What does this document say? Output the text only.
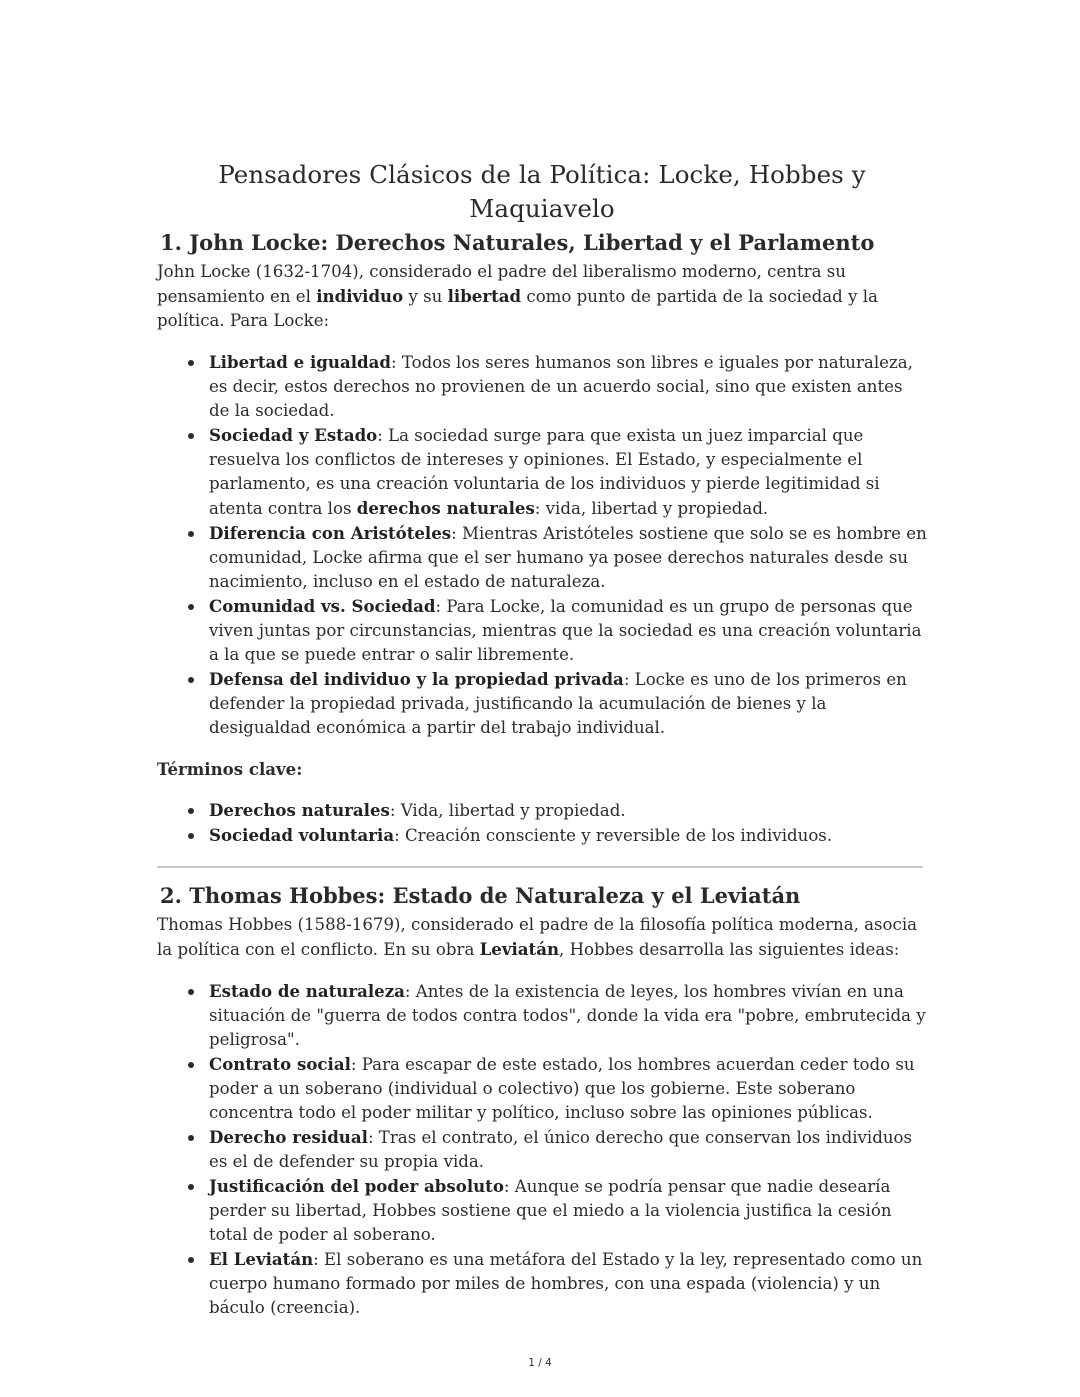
Pensadores Clásicos de la Política: Locke, Hobbes y Maquiavelo
1. John Locke: Derechos Naturales, Libertad y el Parlamento

John Locke (1632-1704), considerado el padre del liberalismo moderno, centra su pensamiento en el individuo y su libertad como punto de partida de la sociedad y la política. Para Locke:

Libertad e igualdad: Todos los seres humanos son libres e iguales por naturaleza, es decir, estos derechos no provienen de un acuerdo social, sino que existen antes de la sociedad.
Sociedad y Estado: La sociedad surge para que exista un juez imparcial que resuelva los conflictos de intereses y opiniones. El Estado, y especialmente el parlamento, es una creación voluntaria de los individuos y pierde legitimidad si atenta contra los derechos naturales: vida, libertad y propiedad.
Diferencia con Aristóteles: Mientras Aristóteles sostiene que solo se es hombre en comunidad, Locke afirma que el ser humano ya posee derechos naturales desde su nacimiento, incluso en el estado de naturaleza.
Comunidad vs. Sociedad: Para Locke, la comunidad es un grupo de personas que viven juntas por circunstancias, mientras que la sociedad es una creación voluntaria a la que se puede entrar o salir libremente.
Defensa del individuo y la propiedad privada: Locke es uno de los primeros en defender la propiedad privada, justificando la acumulación de bienes y la desigualdad económica a partir del trabajo individual.

Términos clave:

Derechos naturales: Vida, libertad y propiedad.
Sociedad voluntaria: Creación consciente y reversible de los individuos.
2. Thomas Hobbes: Estado de Naturaleza y el Leviatán

Thomas Hobbes (1588-1679), considerado el padre de la filosofía política moderna, asocia la política con el conflicto. En su obra Leviatán, Hobbes desarrolla las siguientes ideas:

Estado de naturaleza: Antes de la existencia de leyes, los hombres vivían en una situación de "guerra de todos contra todos", donde la vida era "pobre, embrutecida y peligrosa".
Contrato social: Para escapar de este estado, los hombres acuerdan ceder todo su poder a un soberano (individual o colectivo) que los gobierne. Este soberano concentra todo el poder militar y político, incluso sobre las opiniones públicas.
Derecho residual: Tras el contrato, el único derecho que conservan los individuos es el de defender su propia vida.
Justificación del poder absoluto: Aunque se podría pensar que nadie desearía perder su libertad, Hobbes sostiene que el miedo a la violencia justifica la cesión total de poder al soberano.
El Leviatán: El soberano es una metáfora del Estado y la ley, representado como un cuerpo humano formado por miles de hombres, con una espada (violencia) y un báculo (creencia).
1 / 4
